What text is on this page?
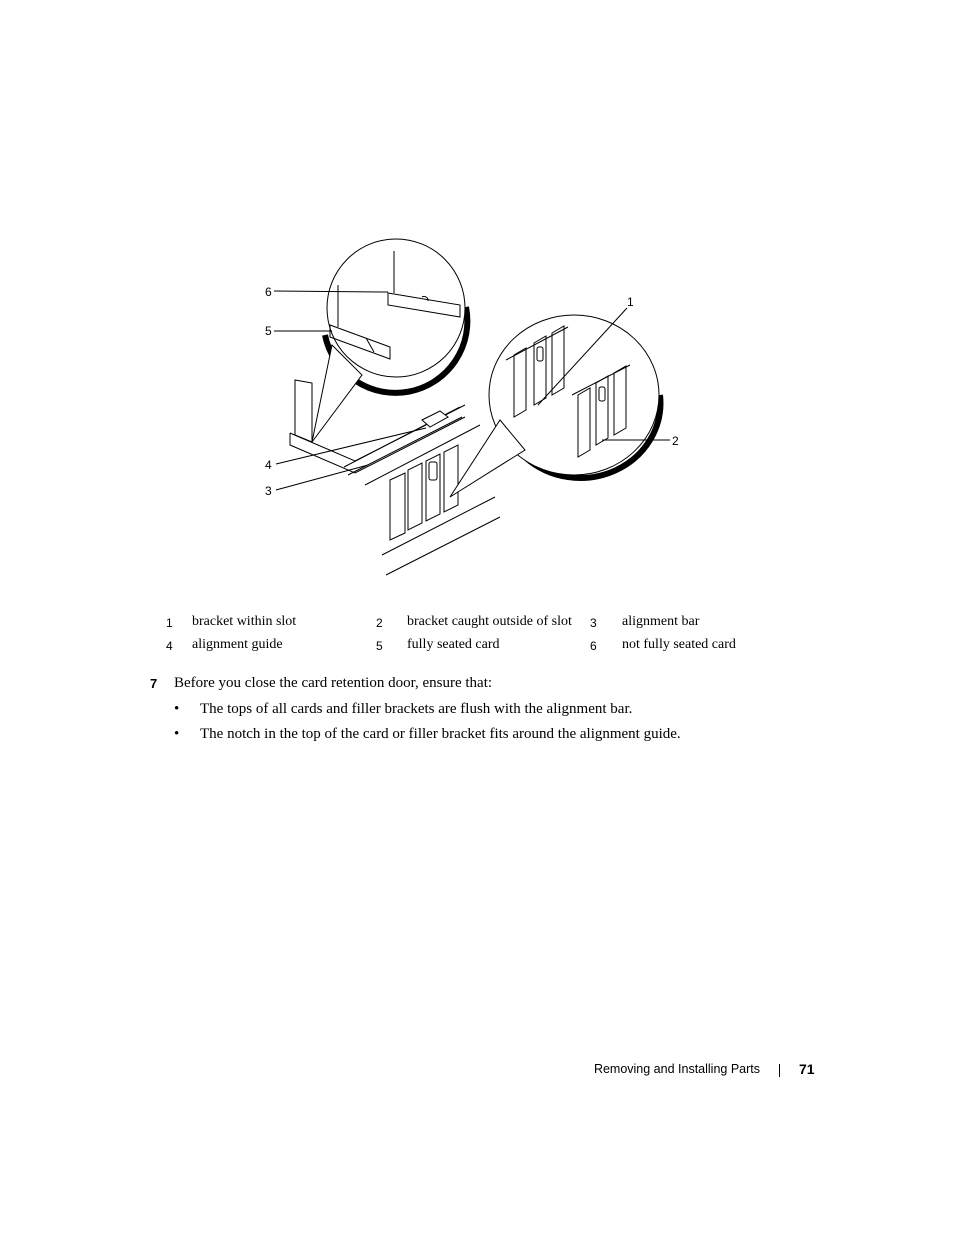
6
5
1
2
4
3
1 bracket within slot	2 bracket caught outside of slot 3 alignment bar
4 alignment guide	5 fully seated card	6 not fully seated card
7 Before you close the card retention door, ensure that:
• The tops of all cards and filler brackets are flush with the alignment bar.
• The notch in the top of the card or filler bracket fits around the alignment guide.
Removing and Installing Parts	71
